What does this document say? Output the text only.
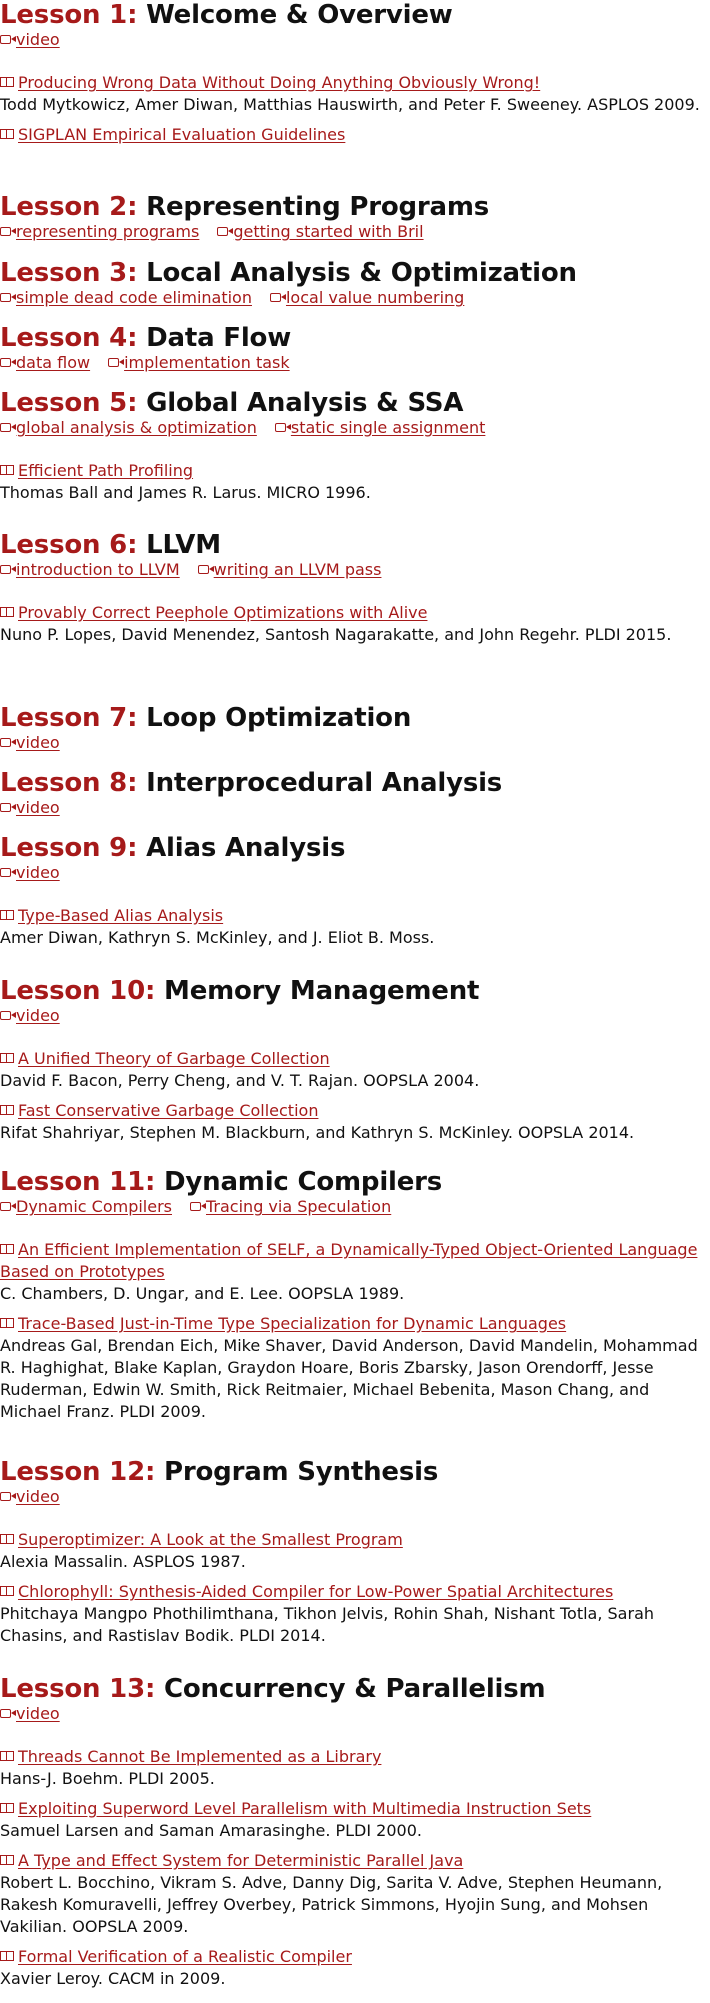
Lesson 1: Welcome & Overview
video
Producing Wrong Data Without Doing Anything Obviously Wrong!
Todd Mytkowicz, Amer Diwan, Matthias Hauswirth, and Peter F. Sweeney. ASPLOS 2009.
SIGPLAN Empirical Evaluation Guidelines
Lesson 2: Representing Programs
representing programs getting started with Bril
Lesson 3: Local Analysis & Optimization
simple dead code elimination local value numbering
Lesson 4: Data Flow
data flow implementation task
Lesson 5: Global Analysis & SSA
global analysis & optimization static single assignment
Efficient Path Profiling
Thomas Ball and James R. Larus. MICRO 1996.
Lesson 6: LLVM
introduction to LLVM writing an LLVM pass
Provably Correct Peephole Optimizations with Alive
Nuno P. Lopes, David Menendez, Santosh Nagarakatte, and John Regehr. PLDI 2015.
Lesson 7: Loop Optimization
video
Lesson 8: Interprocedural Analysis
video
Lesson 9: Alias Analysis
video
Type-Based Alias Analysis
Amer Diwan, Kathryn S. McKinley, and J. Eliot B. Moss.
Lesson 10: Memory Management
video
A Unified Theory of Garbage Collection
David F. Bacon, Perry Cheng, and V. T. Rajan. OOPSLA 2004.
Fast Conservative Garbage Collection
Rifat Shahriyar, Stephen M. Blackburn, and Kathryn S. McKinley. OOPSLA 2014.
Lesson 11: Dynamic Compilers
Dynamic Compilers Tracing via Speculation
An Efficient Implementation of SELF, a Dynamically-Typed Object-Oriented Language Based on Prototypes
C. Chambers, D. Ungar, and E. Lee. OOPSLA 1989.
Trace-Based Just-in-Time Type Specialization for Dynamic Languages
Andreas Gal, Brendan Eich, Mike Shaver, David Anderson, David Mandelin, Mohammad R. Haghighat, Blake Kaplan, Graydon Hoare, Boris Zbarsky, Jason Orendorff, Jesse Ruderman, Edwin W. Smith, Rick Reitmaier, Michael Bebenita, Mason Chang, and Michael Franz. PLDI 2009.
Lesson 12: Program Synthesis
video
Superoptimizer: A Look at the Smallest Program
Alexia Massalin. ASPLOS 1987.
Chlorophyll: Synthesis-Aided Compiler for Low-Power Spatial Architectures
Phitchaya Mangpo Phothilimthana, Tikhon Jelvis, Rohin Shah, Nishant Totla, Sarah Chasins, and Rastislav Bodik. PLDI 2014.
Lesson 13: Concurrency & Parallelism
video
Threads Cannot Be Implemented as a Library
Hans-J. Boehm. PLDI 2005.
Exploiting Superword Level Parallelism with Multimedia Instruction Sets
Samuel Larsen and Saman Amarasinghe. PLDI 2000.
A Type and Effect System for Deterministic Parallel Java
Robert L. Bocchino, Vikram S. Adve, Danny Dig, Sarita V. Adve, Stephen Heumann, Rakesh Komuravelli, Jeffrey Overbey, Patrick Simmons, Hyojin Sung, and Mohsen Vakilian. OOPSLA 2009.
Formal Verification of a Realistic Compiler
Xavier Leroy. CACM in 2009.
